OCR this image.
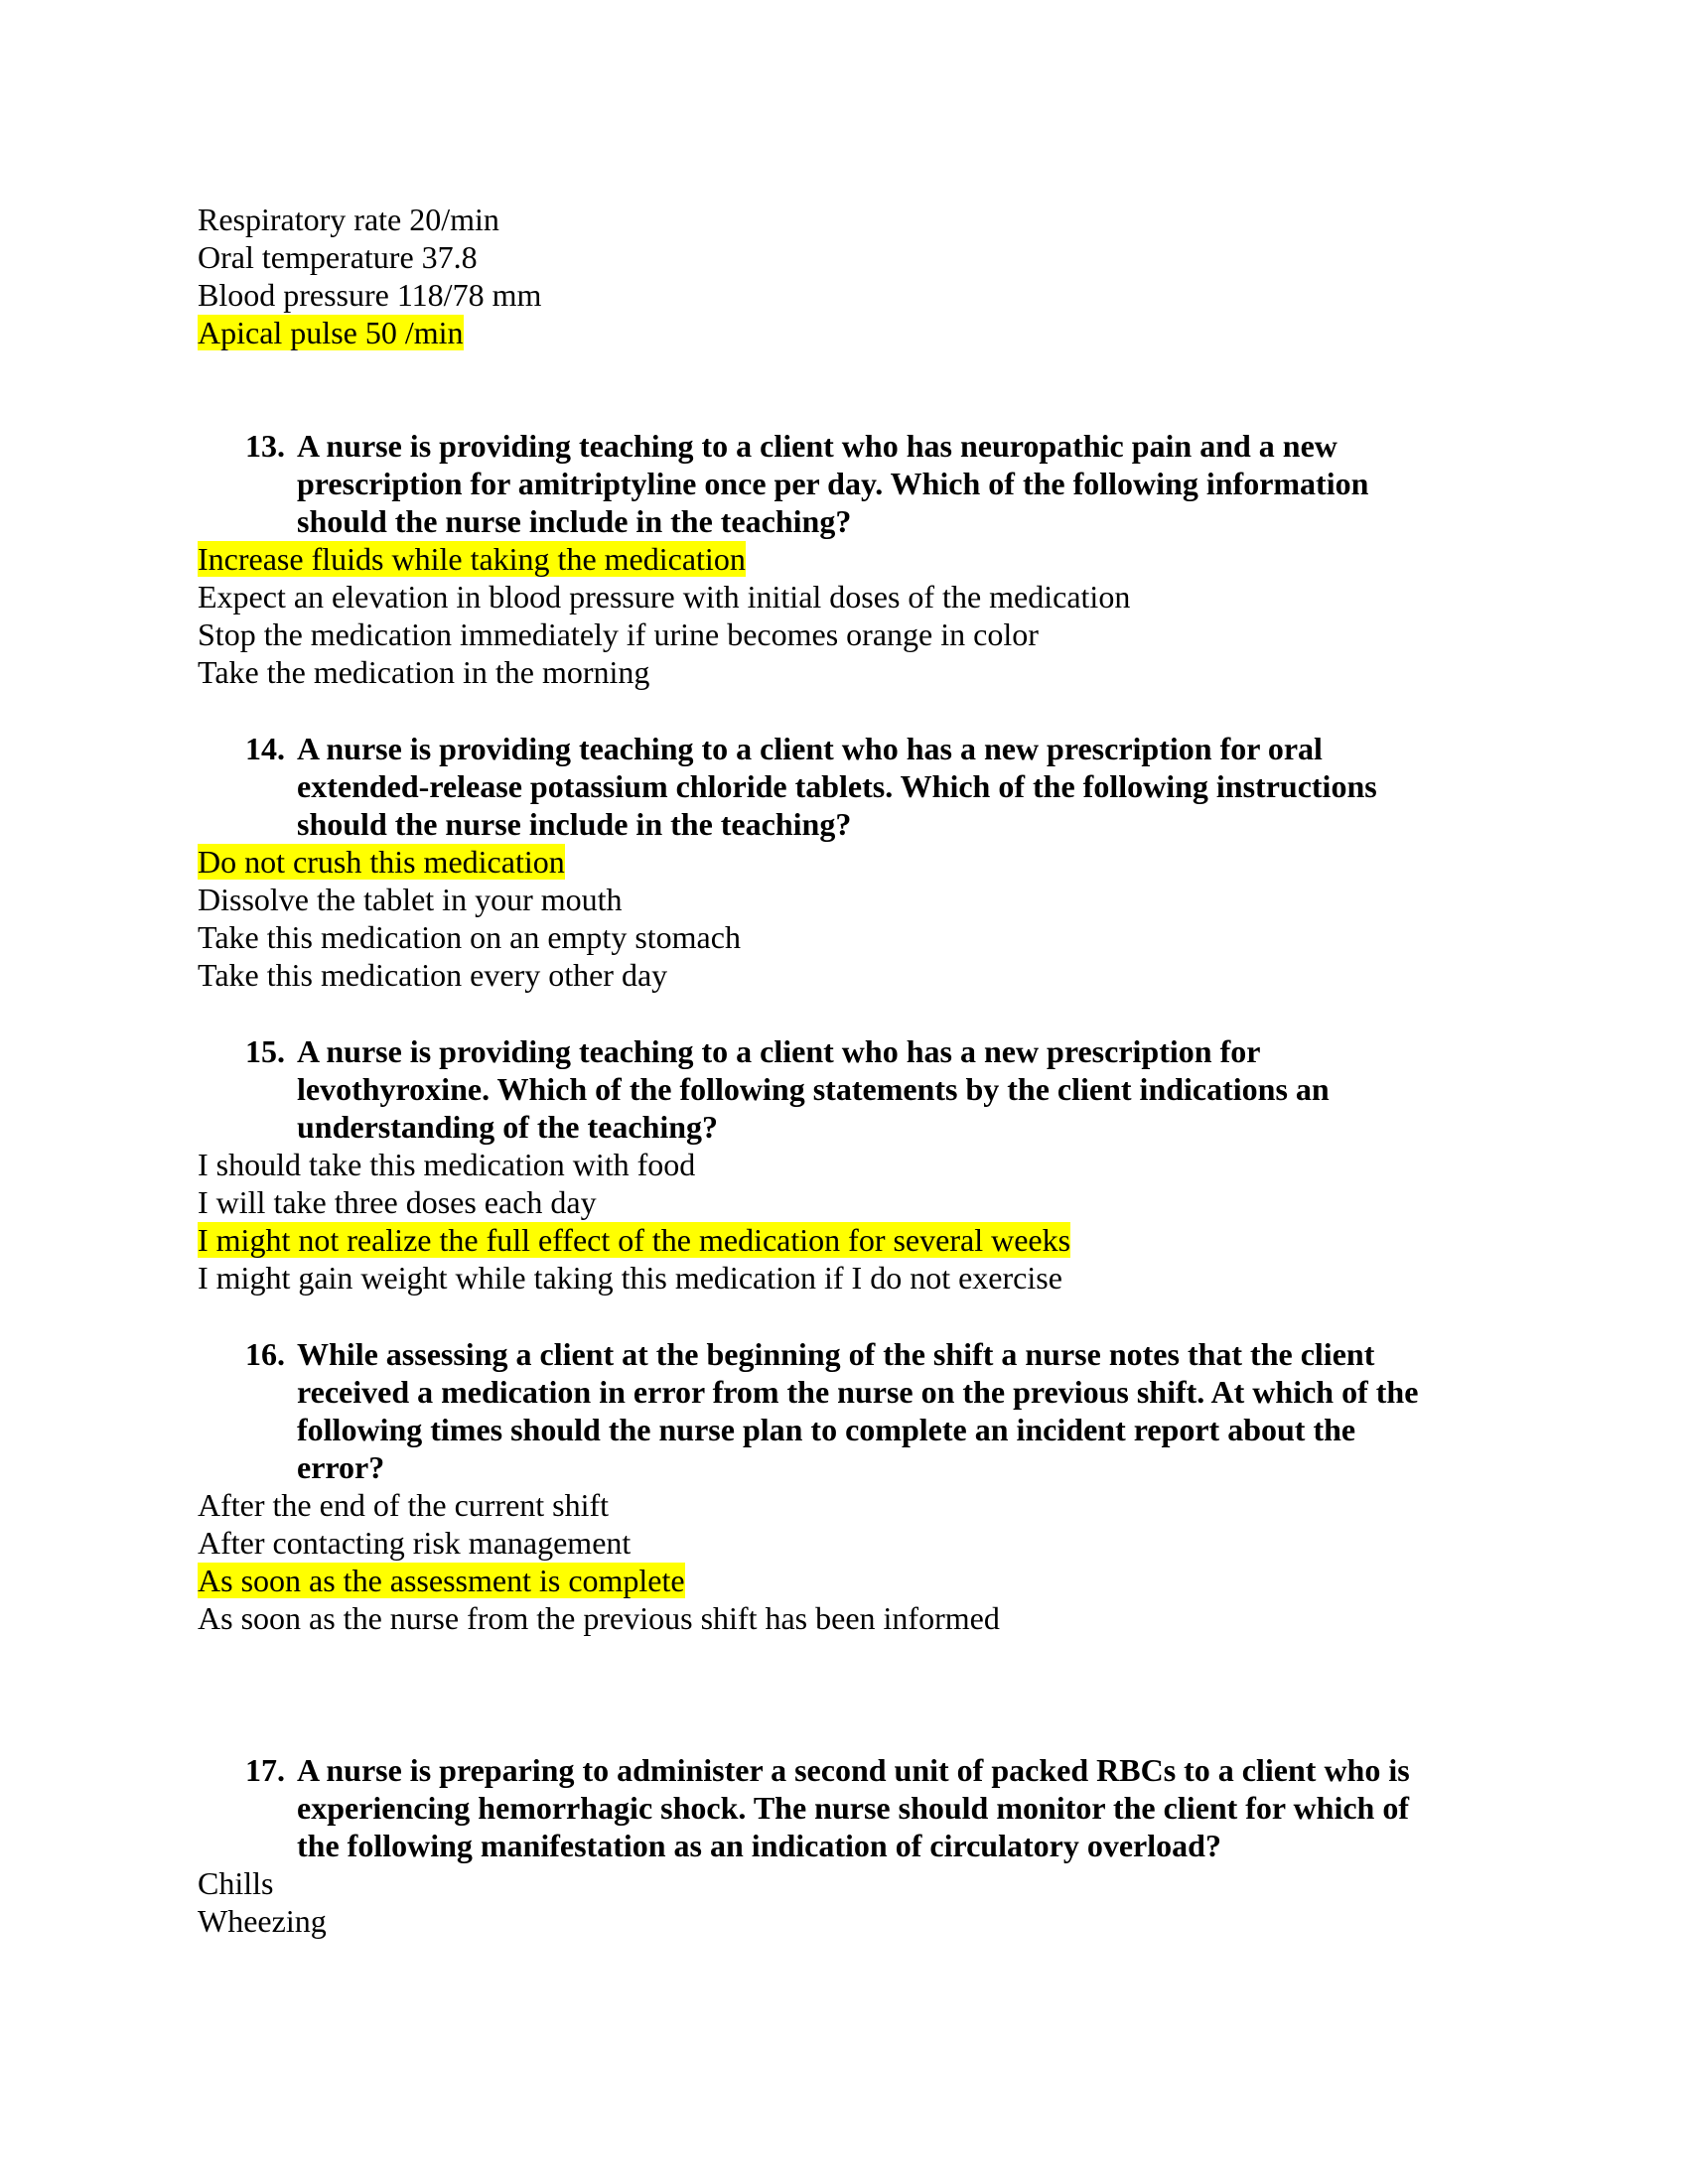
Respiratory rate 20/min
Oral temperature 37.8
Blood pressure 118/78 mm
Apical pulse 50 /min
13. A nurse is providing teaching to a client who has neuropathic pain and a new
prescription for amitriptyline once per day. Which of the following information
should the nurse include in the teaching?
Increase fluids while taking the medication
Expect an elevation in blood pressure with initial doses of the medication
Stop the medication immediately if urine becomes orange in color
Take the medication in the morning
14. A nurse is providing teaching to a client who has a new prescription for oral
extended-release potassium chloride tablets. Which of the following instructions
should the nurse include in the teaching?
Do not crush this medication
Dissolve the tablet in your mouth
Take this medication on an empty stomach
Take this medication every other day
15. A nurse is providing teaching to a client who has a new prescription for
levothyroxine. Which of the following statements by the client indications an
understanding of the teaching?
I should take this medication with food
I will take three doses each day
I might not realize the full effect of the medication for several weeks
I might gain weight while taking this medication if I do not exercise
16. While assessing a client at the beginning of the shift a nurse notes that the client
received a medication in error from the nurse on the previous shift. At which of the
following times should the nurse plan to complete an incident report about the
error?
After the end of the current shift
After contacting risk management
As soon as the assessment is complete
As soon as the nurse from the previous shift has been informed
17. A nurse is preparing to administer a second unit of packed RBCs to a client who is
experiencing hemorrhagic shock. The nurse should monitor the client for which of
the following manifestation as an indication of circulatory overload?
Chills
Wheezing
